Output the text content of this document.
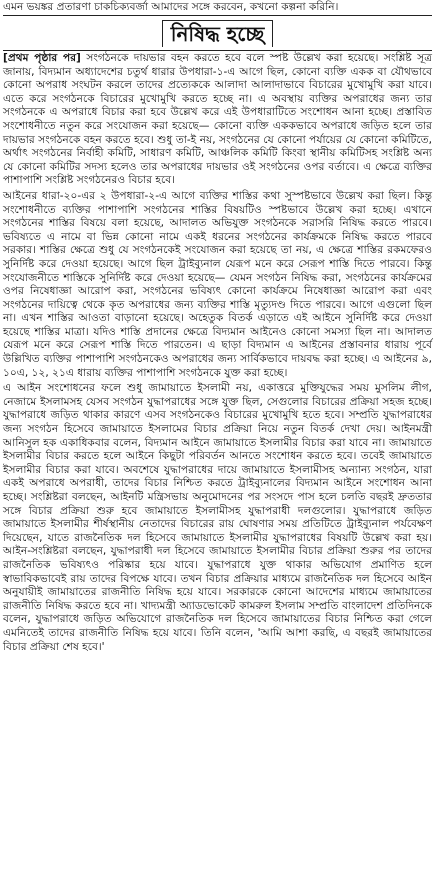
এমন ভয়ঙ্কর প্রতারণা চাকচিক্যবর্জা আমাদের সঙ্গে করবেন, কখনো কল্পনা করিনি।
নিষিদ্ধ হচ্ছে

[প্রথম পৃষ্ঠার পর] সংগঠনকে দায়ভার বহন করতে হবে বলে স্পষ্ট উল্লেখ করা হয়েছে। সংশ্লিষ্ট সূত্র জানায়, বিদ্যমান অধ্যাদেশের চতুর্থ ধারার উপধারা-১-এ আগে ছিল, কোনো ব্যক্তি একক বা যৌথভাবে কোনো অপরাধ সংঘটন করলে তাদের প্রত্যেককে আলাদা আলাদাভাবে বিচারের মুখোমুখি করা যাবে। এতে করে সংগঠনকে বিচারের মুখোমুখি করতে হচ্ছে না। এ অবস্থায় ব্যক্তির অপরাধের জন্য তার সংগঠনকে এ অপরাধে বিচার করা হবে উল্লেখ করে এই উপধারাটিতে সংশোধন আনা হচ্ছে। প্রস্তাবিত সংশোধনীতে নতুন করে সংযোজন করা হয়েছে— কোনো ব্যক্তি এককভাবে অপরাধে জড়িত হলে তার দায়ভার সংগঠনকে বহন করতে হবে। শুধু তা-ই নয়, সংগঠনের যে কোনো পর্যায়ের যে কোনো কমিটিতে, অর্থাৎ সংগঠনের নির্বাহী কমিটি, সাধারণ কমিটি, আঞ্চলিক কমিটি কিংবা স্থানীয় কমিটিসহ সংশ্লিষ্ট অন্য যে কোনো কমিটির সদস্য হলেও তার অপরাধের দায়ভার ওই সংগঠনের ওপর বর্তাবে। এ ক্ষেত্রে ব্যক্তির পাশাপাশি সংশ্লিষ্ট সংগঠনেরও বিচার হবে।

আইনের ধারা-২০-এর ২ উপধারা-২-এ আগে ব্যক্তির শাস্তির কথা সুস্পষ্টভাবে উল্লেখ করা ছিল। কিন্তু সংশোধনীতে ব্যক্তির পাশাপাশি সংগঠনের শাস্তির বিষয়টিও স্পষ্টভাবে উল্লেখ করা হচ্ছে। এখানে সংগঠনের শাস্তির বিষয়ে বলা হয়েছে, আদালত অভিযুক্ত সংগঠনকে সরাসরি নিষিদ্ধ করতে পারবে। ভবিষ্যতে এ নামে বা ভিন্ন কোনো নামে একই ধরনের সংগঠনের কার্যক্রমকে নিষিদ্ধ করতে পারবে সরকার। শাস্তির ক্ষেত্রে শুধু যে সংগঠনকেই সংযোজন করা হয়েছে তা নয়, এ ক্ষেত্রে শাস্তির রকমফেরও সুনির্দিষ্ট করে দেওয়া হয়েছে। আগে ছিল ট্রাইব্যুনাল যেরূপ মনে করে সেরূপ শাস্তি দিতে পারবে। কিন্তু সংযোজনীতে শাস্তিকে সুনির্দিষ্ট করে দেওয়া হয়েছে— যেমন সংগঠন নিষিদ্ধ করা, সংগঠনের কার্যক্রমের ওপর নিষেধাজ্ঞা আরোপ করা, সংগঠনের ভবিষ্যৎ কোনো কার্যক্রমে নিষেধাজ্ঞা আরোপ করা এবং সংগঠনের দায়িত্বে থেকে কৃত অপরাধের জন্য ব্যক্তির শাস্তি মৃত্যুদণ্ড দিতে পারবে। আগে এগুলো ছিল না। এখন শাস্তির আওতা বাড়ানো হয়েছে। অহেতুক বিতর্ক এড়াতে এই আইনে সুনির্দিষ্ট করে দেওয়া হয়েছে শাস্তির মাত্রা। যদিও শাস্তি প্রদানের ক্ষেত্রে বিদ্যমান আইনেও কোনো সমস্যা ছিল না। আদালত যেরূপ মনে করে সেরূপ শাস্তি দিতে পারতেন। এ ছাড়া বিদ্যমান এ আইনের প্রস্তাবনার ধারায় পূর্বে উল্লিখিত ব্যক্তির পাশাপাশি সংগঠনকেও অপরাধের জন্য সার্বিকভাবে দায়বদ্ধ করা হচ্ছে। এ আইনের ৯, ১০এ, ১২, ২১এ ধারায় ব্যক্তির পাশাপাশি সংগঠনকে যুক্ত করা হচ্ছে।

এ আইন সংশোধনের ফলে শুধু জামায়াতে ইসলামী নয়, একাত্তরে মুক্তিযুদ্ধের সময় মুসলিম লীগ, নেজামে ইসলামসহ যেসব সংগঠন যুদ্ধাপরাধের সঙ্গে যুক্ত ছিল, সেগুলোর বিচারের প্রক্রিয়া সহজ হচ্ছে। যুদ্ধাপরাধে জড়িত থাকার কারণে এসব সংগঠনকেও বিচারের মুখোমুখি হতে হবে। সম্প্রতি যুদ্ধাপরাধের জন্য সংগঠন হিসেবে জামায়াতে ইসলামের বিচার প্রক্রিয়া নিয়ে নতুন বিতর্ক দেখা দেয়। আইনমন্ত্রী আনিসুল হক একাধিকবার বলেন, বিদ্যমান আইনে জামায়াতে ইসলামীর বিচার করা যাবে না। জামায়াতে ইসলামীর বিচার করতে হলে আইনে কিছুটা পরিবর্তন আনতে সংশোধন করতে হবে। তবেই জামায়াতে ইসলামীর বিচার করা যাবে। অবশেষে যুদ্ধাপরাধের দায়ে জামায়াতে ইসলামীসহ অন্যান্য সংগঠন, যারা একই অপরাধে অপরাধী, তাদের বিচার নিশ্চিত করতে ট্রাইব্যুনালের বিদ্যমান আইনে সংশোধন আনা হচ্ছে। সংশ্লিষ্টরা বলছেন, আইনটি মন্ত্রিসভায় অনুমোদনের পর সংসদে পাস হলে চলতি বছরই দ্রুততার সঙ্গে বিচার প্রক্রিয়া শুরু হবে জামায়াতে ইসলামীসহ যুদ্ধাপরাধী দলগুলোর। যুদ্ধাপরাধে জড়িত জামায়াতে ইসলামীর শীর্ষস্থানীয় নেতাদের বিচারের রায় ঘোষণার সময় প্রতিটিতে ট্রাইব্যুনাল পর্যবেক্ষণ দিয়েছেন, যাতে রাজনৈতিক দল হিসেবে জামায়াতে ইসলামীর যুদ্ধাপরাধের বিষয়টি উল্লেখ করা হয়। আইন-সংশ্লিষ্টরা বলছেন, যুদ্ধাপরাধী দল হিসেবে জামায়াতে ইসলামীর বিচার প্রক্রিয়া শুরুর পর তাদের রাজনৈতিক ভবিষ্যৎও পরিষ্কার হয়ে যাবে। যুদ্ধাপরাধে যুক্ত থাকার অভিযোগ প্রমাণিত হলে স্বাভাবিকভাবেই রায় তাদের বিপক্ষে যাবে। তখন বিচার প্রক্রিয়ার মাধ্যমে রাজনৈতিক দল হিসেবে আইন অনুযায়ীই জামায়াতের রাজনীতি নিষিদ্ধ হয়ে যাবে। সরকারকে কোনো আদেশের মাধ্যমে জামায়াতের রাজনীতি নিষিদ্ধ করতে হবে না। খাদ্যমন্ত্রী অ্যাডভোকেট কামরুল ইসলাম সম্প্রতি বাংলাদেশ প্রতিদিনকে বলেন, যুদ্ধাপরাধে জড়িত অভিযোগে রাজনৈতিক দল হিসেবে জামায়াতের বিচার নিশ্চিত করা গেলে এমনিতেই তাদের রাজনীতি নিষিদ্ধ হয়ে যাবে। তিনি বলেন, 'আমি আশা করছি, এ বছরই জামায়াতের বিচার প্রক্রিয়া শেষ হবে।'
